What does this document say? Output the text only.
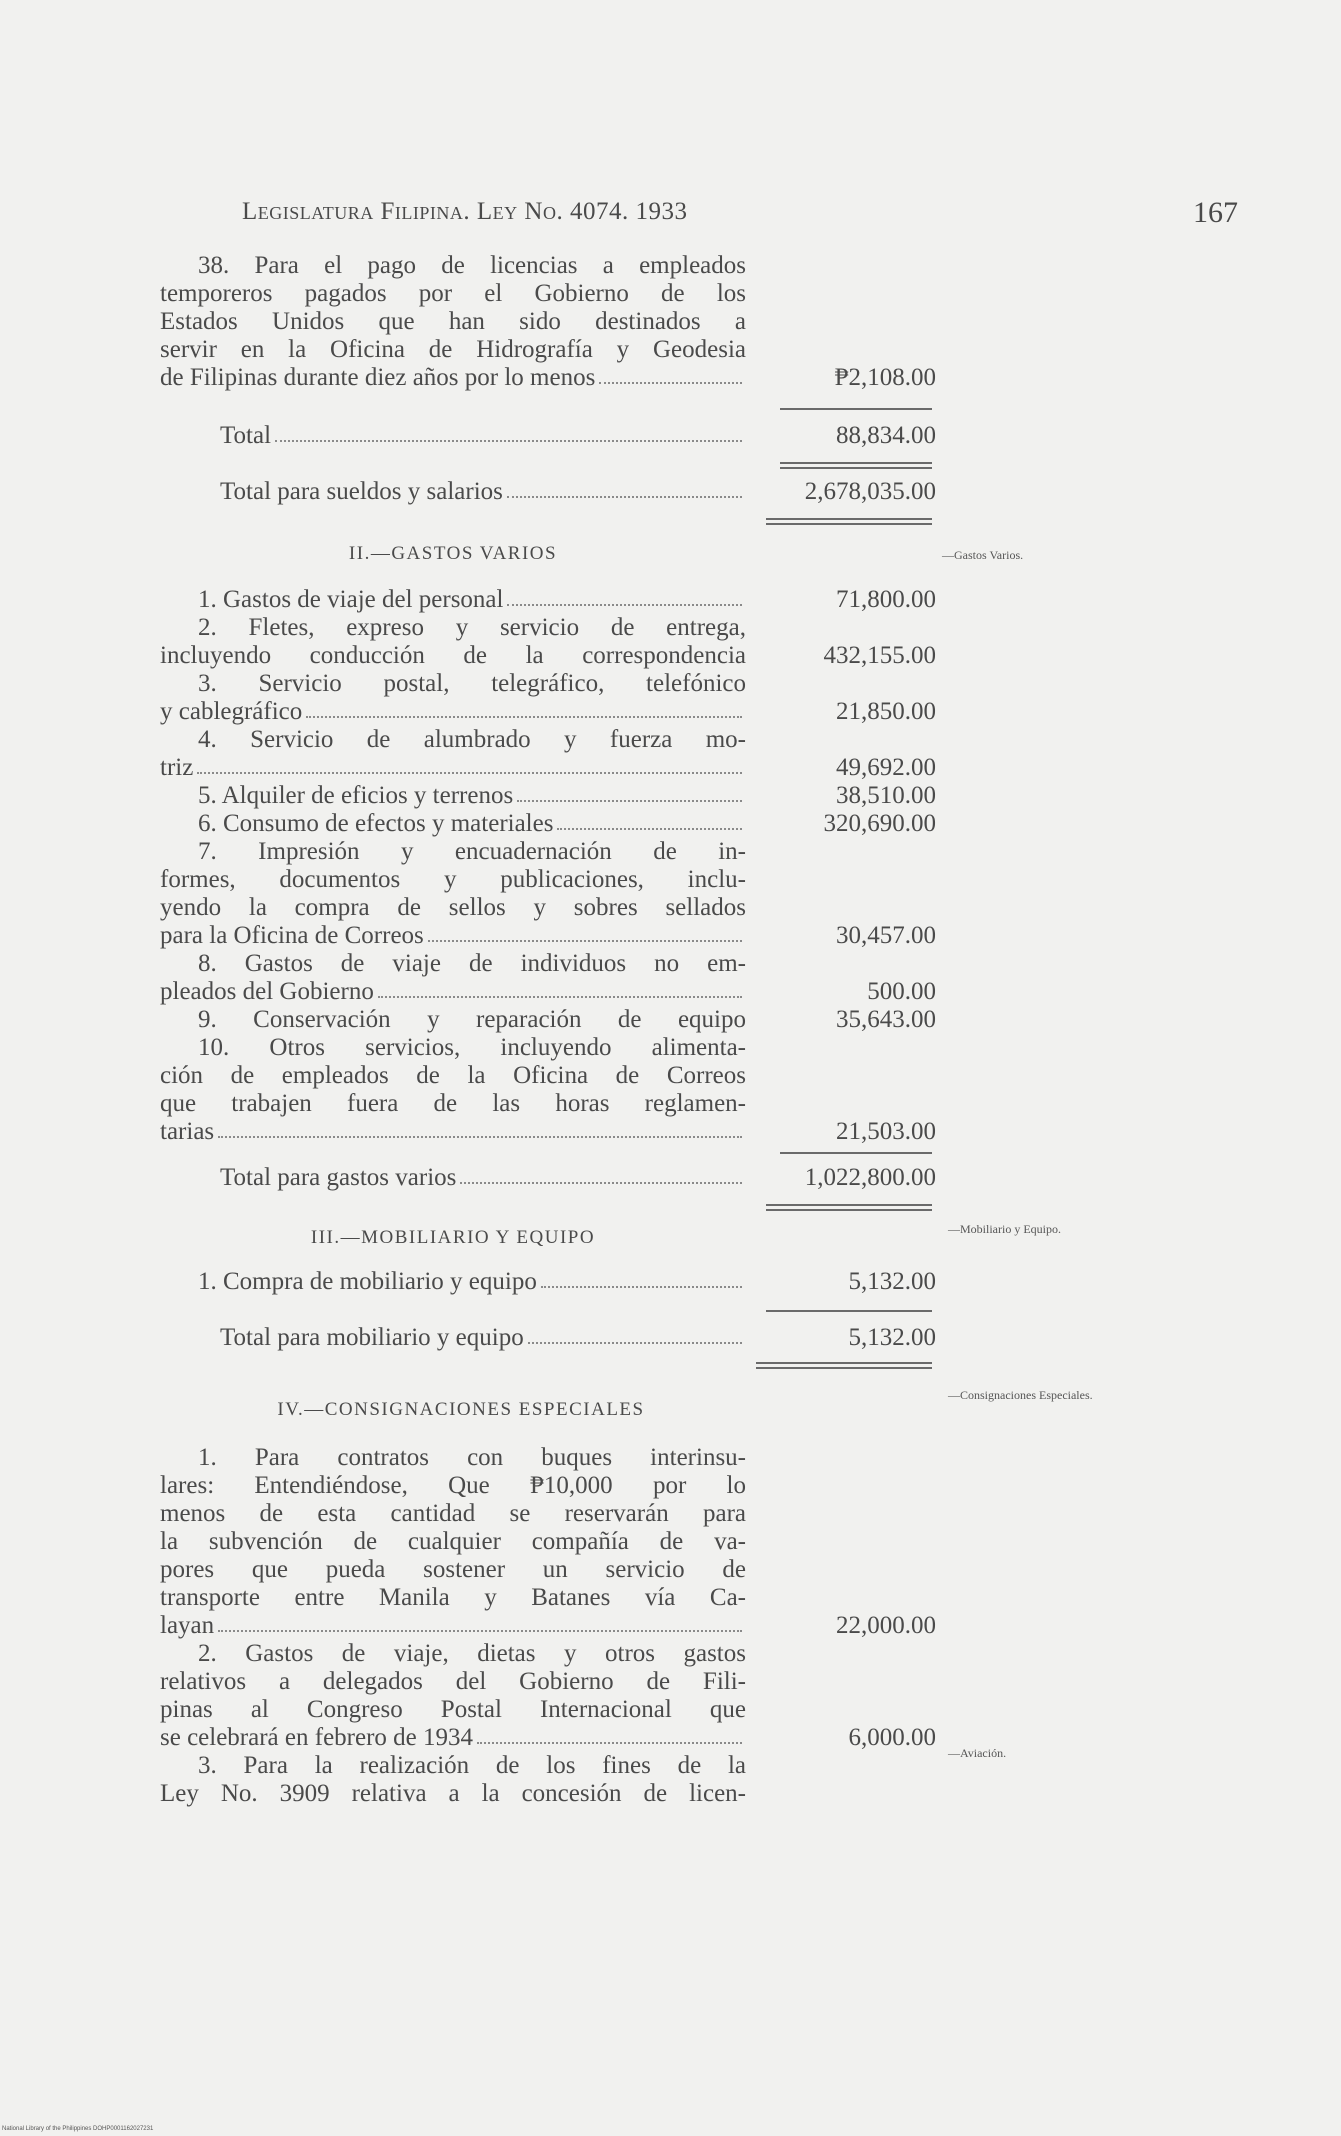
Legislatura Filipina. Ley No. 4074. 1933	167
38. Para el pago de licencias a empleados
temporeros pagados por el Gobierno de los
Estados Unidos que han sido destinados a
servir en la Oficina de Hidrografía y Geodesia
de Filipinas durante diez años por lo menos	₱2,108.00
Total	88,834.00
Total para sueldos y salarios	2,678,035.00
II.—GASTOS VARIOS	—Gastos Varios.
1. Gastos de viaje del personal	71,800.00
2. Fletes, expreso y servicio de entrega,
incluyendo conducción de la correspondencia	432,155.00
3. Servicio postal, telegráfico, telefónico
y cablegráfico	21,850.00
4. Servicio de alumbrado y fuerza mo-
triz	49,692.00
5. Alquiler de eficios y terrenos	38,510.00
6. Consumo de efectos y materiales	320,690.00
7. Impresión y encuadernación de in-
formes, documentos y publicaciones, inclu-
yendo la compra de sellos y sobres sellados
para la Oficina de Correos	30,457.00
8. Gastos de viaje de individuos no em-
pleados del Gobierno	500.00
9. Conservación y reparación de equipo	35,643.00
10. Otros servicios, incluyendo alimenta-
ción de empleados de la Oficina de Correos
que trabajen fuera de las horas reglamen-
tarias	21,503.00
Total para gastos varios	1,022,800.00
III.—MOBILIARIO Y EQUIPO	—Mobiliario y Equipo.
1. Compra de mobiliario y equipo	5,132.00
Total para mobiliario y equipo	5,132.00
IV.—CONSIGNACIONES ESPECIALES
—Consignaciones Especiales.
—Aviación.
1. Para contratos con buques interinsu-
lares: Entendiéndose, Que ₱10,000 por lo
menos de esta cantidad se reservarán para
la subvención de cualquier compañía de va-
pores que pueda sostener un servicio de
transporte entre Manila y Batanes vía Ca-
layan	22,000.00
2. Gastos de viaje, dietas y otros gastos
relativos a delegados del Gobierno de Fili-
pinas al Congreso Postal Internacional que
se celebrará en febrero de 1934	6,000.00
3. Para la realización de los fines de la
Ley No. 3909 relativa a la concesión de licen-
National Library of the Philippines DOHP0001162027231
